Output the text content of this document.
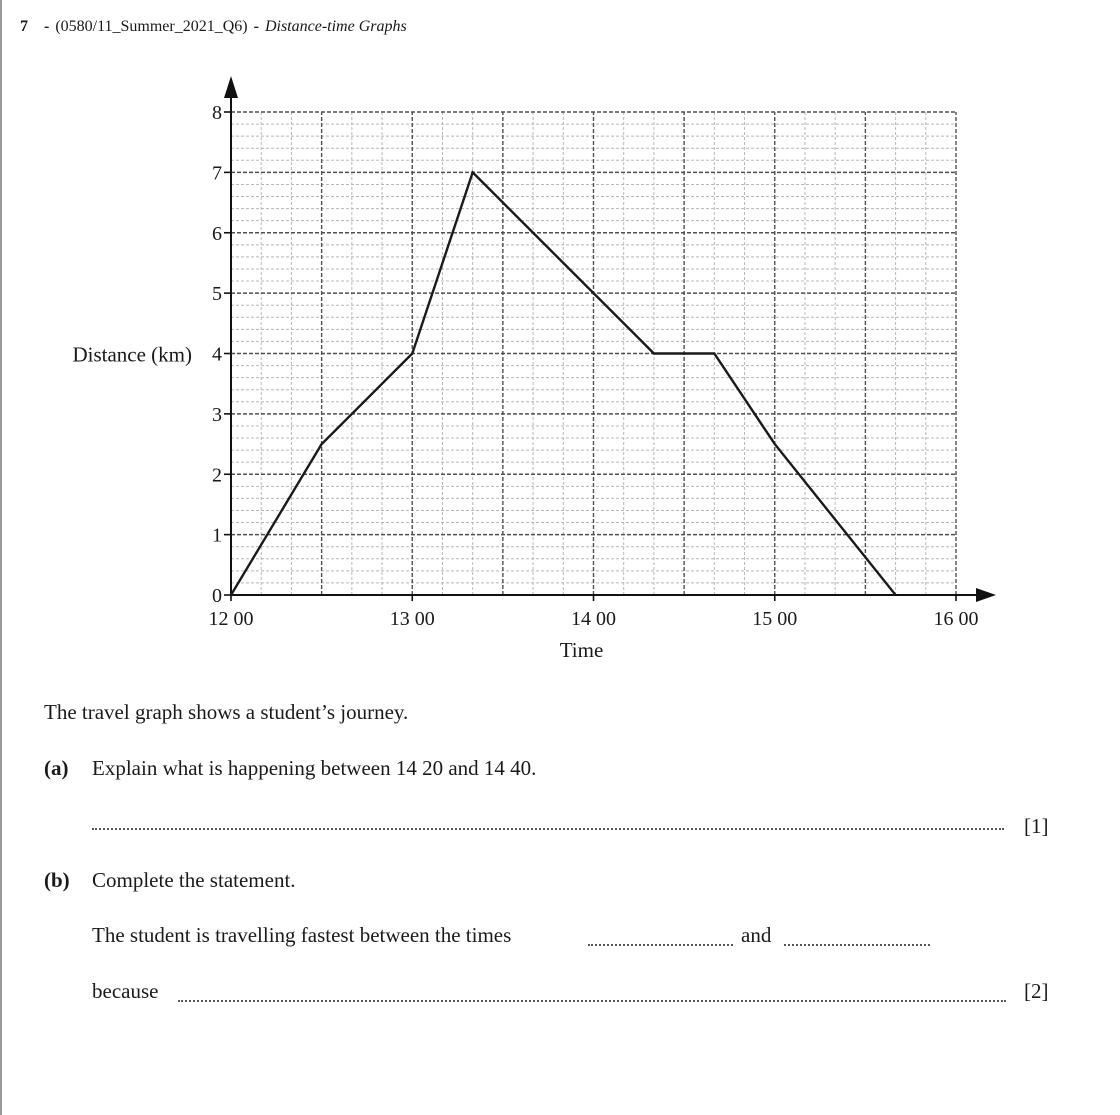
7 - (0580/11_Summer_2021_Q6) - Distance-time Graphs
0
1
2
3
4
5
6
7
8
12 00	13 00	14 00	15 00	16 00
Time
Distance (km)
The travel graph shows a student’s journey.
(a) Explain what is happening between 14 20 and 14 40.
[1]
(b) Complete the statement.
The student is travelling fastest between the times	and
because	[2]
